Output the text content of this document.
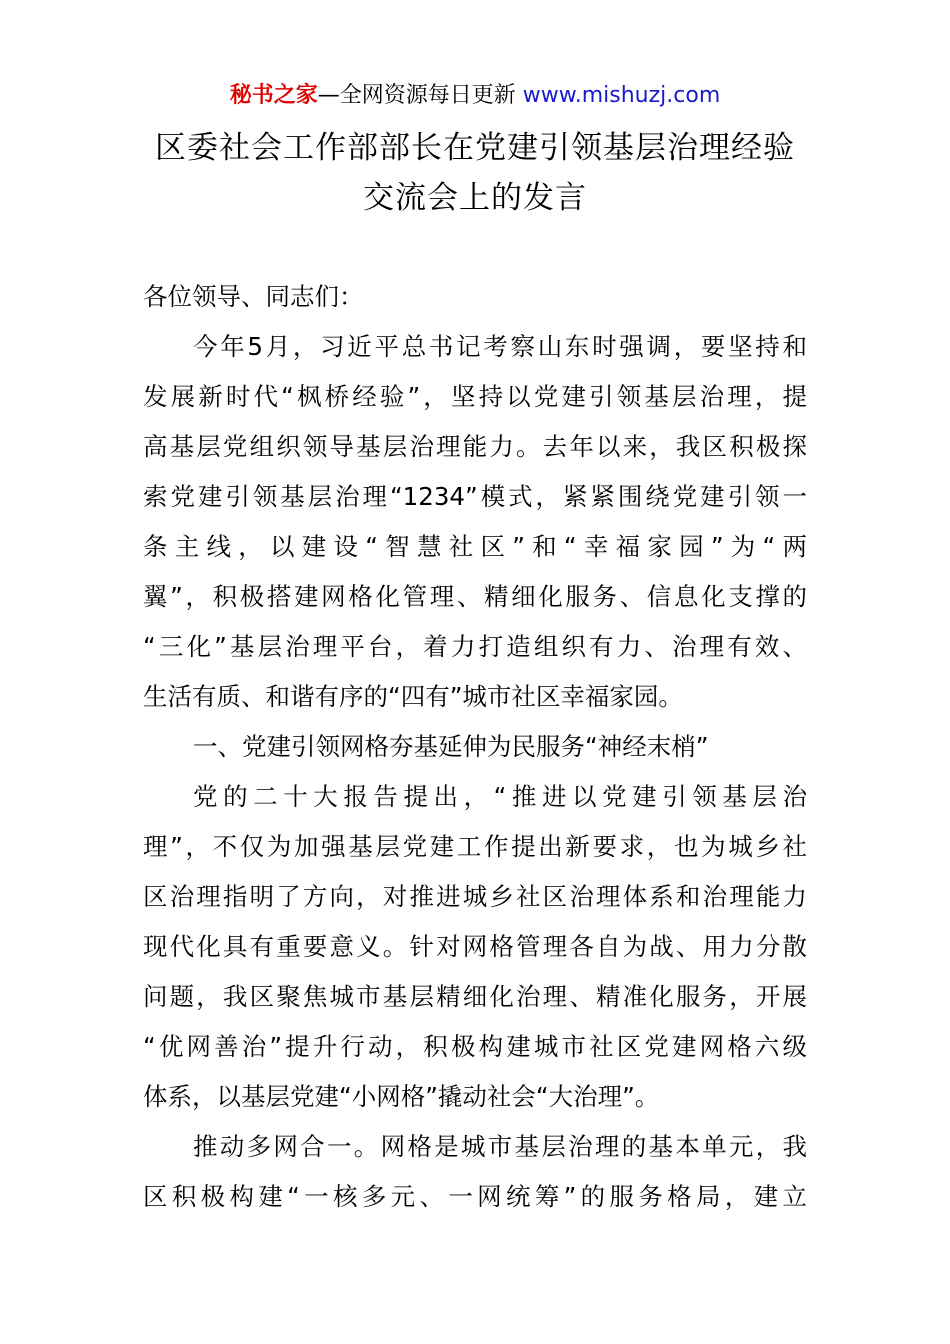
秘书之家—全网资源每日更新 www.mishuzj.com
区委社会工作部部长在党建引领基层治理经验
交流会上的发言
各位领导、同志们：
今年5月，习近平总书记考察山东时强调，要坚持和
发展新时代“枫桥经验”，坚持以党建引领基层治理，提
高基层党组织领导基层治理能力。去年以来，我区积极探
索党建引领基层治理“1234”模式，紧紧围绕党建引领一
条主线，以建设“智慧社区”和“幸福家园”为“两
翼”，积极搭建网格化管理、精细化服务、信息化支撑的
“三化”基层治理平台，着力打造组织有力、治理有效、
生活有质、和谐有序的“四有”城市社区幸福家园。
一、党建引领网格夯基延伸为民服务“神经末梢”
党的二十大报告提出，“推进以党建引领基层治
理”，不仅为加强基层党建工作提出新要求，也为城乡社
区治理指明了方向，对推进城乡社区治理体系和治理能力
现代化具有重要意义。针对网格管理各自为战、用力分散
问题，我区聚焦城市基层精细化治理、精准化服务，开展
“优网善治”提升行动，积极构建城市社区党建网格六级
体系，以基层党建“小网格”撬动社会“大治理”。
推动多网合一。网格是城市基层治理的基本单元，我
区积极构建“一核多元、一网统筹”的服务格局，建立
